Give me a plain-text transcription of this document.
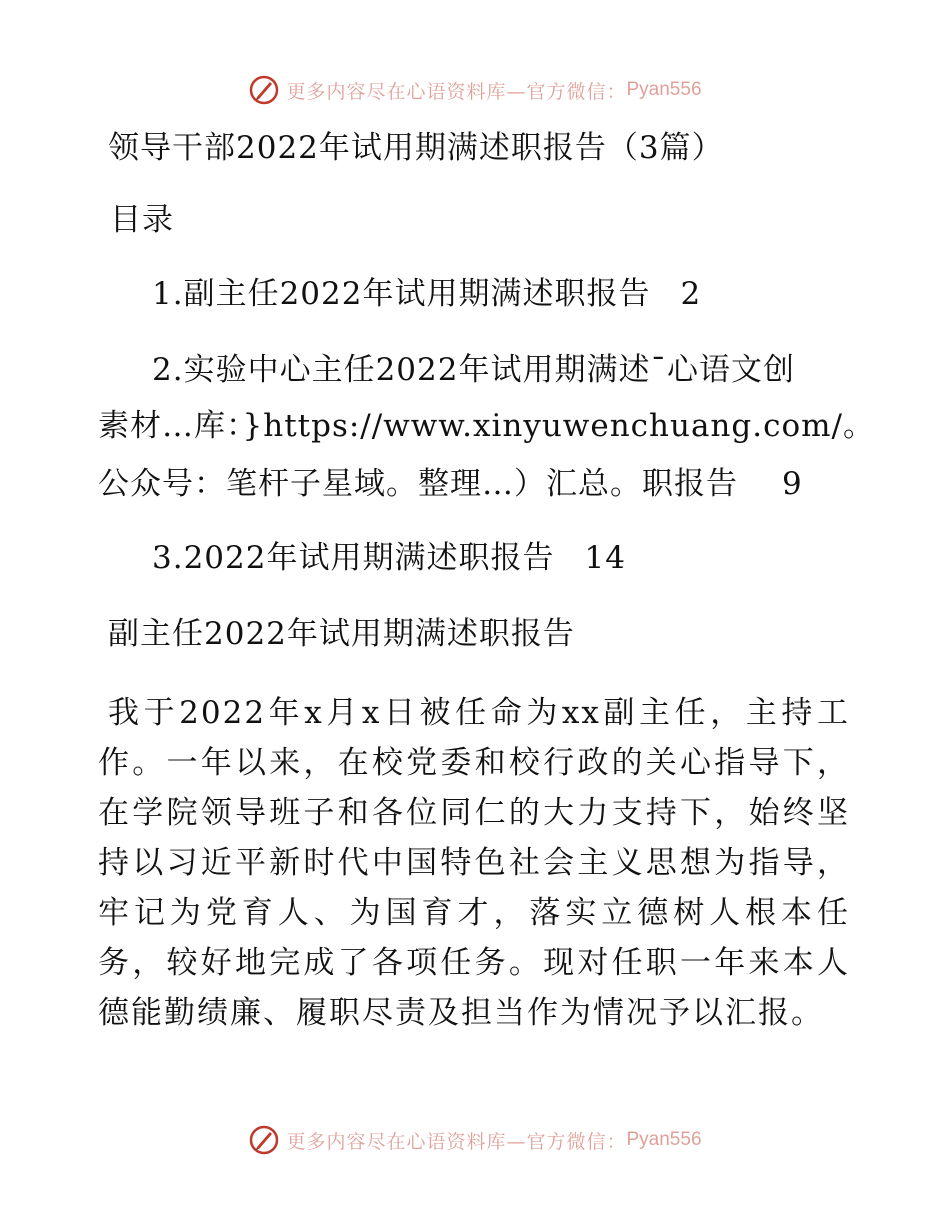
更多内容尽在心语资料库—官方微信： Pyan556
领导干部2022年试用期满述职报告（3篇）
目录
1.副主任2022年试用期满述职报告 2
2.实验中心主任2022年试用期满述¯心语文创
素材…库：}https://www.xinyuwenchuang.com/。
公众号：笔杆子星域。整理…）汇总。职报告 9
3.2022年试用期满述职报告 14
副主任2022年试用期满述职报告
我于2022年x月x日被任命为xx副主任，主持工作。一年以来，在校党委和校行政的关心指导下，在学院领导班子和各位同仁的大力支持下，始终坚持以习近平新时代中国特色社会主义思想为指导，牢记为党育人、为国育才，落实立德树人根本任务，较好地完成了各项任务。现对任职一年来本人德能勤绩廉、履职尽责及担当作为情况予以汇报。
更多内容尽在心语资料库—官方微信： Pyan556
